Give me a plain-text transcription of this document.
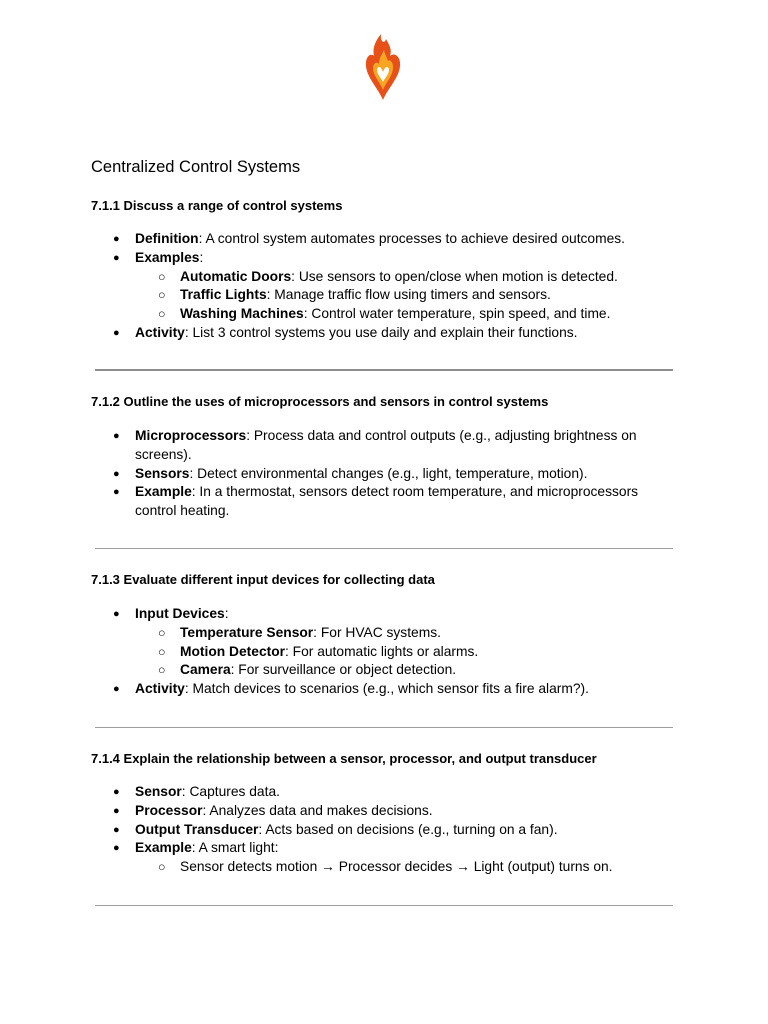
Centralized Control Systems
7.1.1 Discuss a range of control systems
● Definition: A control system automates processes to achieve desired outcomes.
● Examples:
○ Automatic Doors: Use sensors to open/close when motion is detected.
○ Traffic Lights: Manage traffic flow using timers and sensors.
○ Washing Machines: Control water temperature, spin speed, and time.
● Activity: List 3 control systems you use daily and explain their functions.
7.1.2 Outline the uses of microprocessors and sensors in control systems
● Microprocessors: Process data and control outputs (e.g., adjusting brightness on screens).
● Sensors: Detect environmental changes (e.g., light, temperature, motion).
● Example: In a thermostat, sensors detect room temperature, and microprocessors control heating.
7.1.3 Evaluate different input devices for collecting data
● Input Devices:
○ Temperature Sensor: For HVAC systems.
○ Motion Detector: For automatic lights or alarms.
○ Camera: For surveillance or object detection.
● Activity: Match devices to scenarios (e.g., which sensor fits a fire alarm?).
7.1.4 Explain the relationship between a sensor, processor, and output transducer
● Sensor: Captures data.
● Processor: Analyzes data and makes decisions.
● Output Transducer: Acts based on decisions (e.g., turning on a fan).
● Example: A smart light:
○ Sensor detects motion → Processor decides → Light (output) turns on.
